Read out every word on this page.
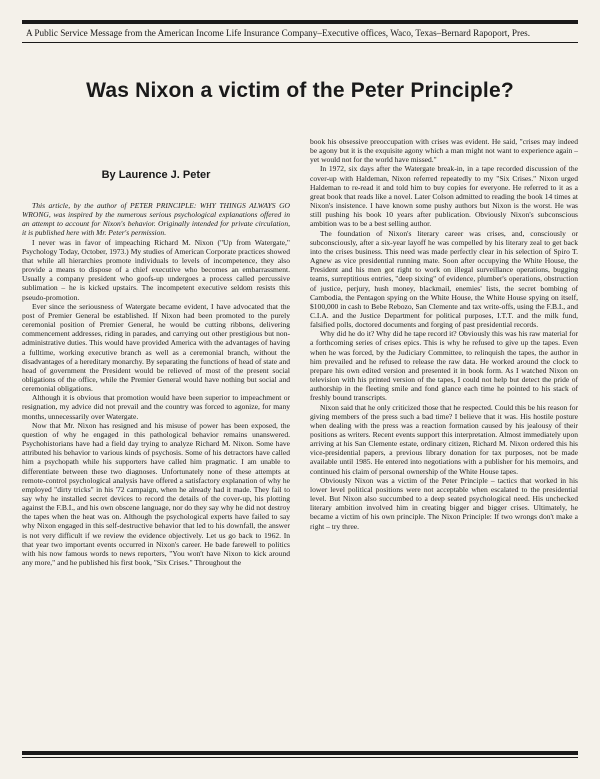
A Public Service Message from the American Income Life Insurance Company–Executive offices, Waco, Texas–Bernard Rapoport, Pres.
Was Nixon a victim of the Peter Principle?
By Laurence J. Peter

This article, by the author of PETER PRINCIPLE: WHY THINGS ALWAYS GO WRONG, was inspired by the numerous serious psychological explanations offered in an attempt to account for Nixon's behavior. Originally intended for private circulation, it is published here with Mr. Peter's permission.

I never was in favor of impeaching Richard M. Nixon ("Up from Watergate," Psychology Today, October, 1973.) My studies of American Corporate practices showed that while all hierarchies promote individuals to levels of incompetence, they also provide a means to dispose of a chief executive who becomes an embarrassment. Usually a company president who goofs-up undergoes a process called percussive sublimation – he is kicked upstairs. The incompetent executive seldom resists this pseudo-promotion.

Ever since the seriousness of Watergate became evident, I have advocated that the post of Premier General be established. If Nixon had been promoted to the purely ceremonial position of Premier General, he would be cutting ribbons, delivering commencement addresses, riding in parades, and carrying out other prestigious but non-administrative duties. This would have provided America with the advantages of having a fulltime, working executive branch as well as a ceremonial branch, without the disadvantages of a hereditary monarchy. By separating the functions of head of state and head of government the President would be relieved of most of the present social obligations of the office, while the Premier General would have nothing but social and ceremonial obligations.

Although it is obvious that promotion would have been superior to impeachment or resignation, my advice did not prevail and the country was forced to agonize, for many months, unnecessarily over Watergate.

Now that Mr. Nixon has resigned and his misuse of power has been exposed, the question of why he engaged in this pathological behavior remains unanswered. Psychohistorians have had a field day trying to analyze Richard M. Nixon. Some have attributed his behavior to various kinds of psychosis. Some of his detractors have called him a psychopath while his supporters have called him pragmatic. I am unable to differentiate between these two diagnoses. Unfortunately none of these attempts at remote-control psychological analysis have offered a satisfactory explanation of why he employed "dirty tricks" in his '72 campaign, when he already had it made. They fail to say why he installed secret devices to record the details of the cover-up, his plotting against the F.B.I., and his own obscene language, nor do they say why he did not destroy the tapes when the heat was on. Although the psychological experts have failed to say why Nixon engaged in this self-destructive behavior that led to his downfall, the answer is not very difficult if we review the evidence objectively. Let us go back to 1962. In that year two important events occurred in Nixon's career. He bade farewell to politics with his now famous words to news reporters, "You won't have Nixon to kick around any more," and he published his first book, "Six Crises." Throughout the

book his obsessive preoccupation with crises was evident. He said, "crises may indeed be agony but it is the exquisite agony which a man might not want to experience again – yet would not for the world have missed."

In 1972, six days after the Watergate break-in, in a tape recorded discussion of the cover-up with Haldeman, Nixon referred repeatedly to my "Six Crises." Nixon urged Haldeman to re-read it and told him to buy copies for everyone. He referred to it as a great book that reads like a novel. Later Colson admitted to reading the book 14 times at Nixon's insistence. I have known some pushy authors but Nixon is the worst. He was still pushing his book 10 years after publication. Obviously Nixon's subconscious ambition was to be a best selling author.

The foundation of Nixon's literary career was crises, and, consciously or subconsciously, after a six-year layoff he was compelled by his literary zeal to get back into the crises business. This need was made perfectly clear in his selection of Spiro T. Agnew as vice presidential running mate. Soon after occupying the White House, the President and his men got right to work on illegal surveillance operations, bugging teams, surreptitious entries, "deep sixing" of evidence, plumber's operations, obstruction of justice, perjury, hush money, blackmail, enemies' lists, the secret bombing of Cambodia, the Pentagon spying on the White House, the White House spying on itself, $100,000 in cash to Bebe Rebozo, San Clemente and tax write-offs, using the F.B.I., and C.I.A. and the Justice Department for political purposes, I.T.T. and the milk fund, falsified polls, doctored documents and forging of past presidential records.

Why did he do it? Why did he tape record it? Obviously this was his raw material for a forthcoming series of crises epics. This is why he refused to give up the tapes. Even when he was forced, by the Judiciary Committee, to relinquish the tapes, the author in him prevailed and he refused to release the raw data. He worked around the clock to prepare his own edited version and presented it in book form. As I watched Nixon on television with his printed version of the tapes, I could not help but detect the pride of authorship in the fleeting smile and fond glance each time he pointed to his stack of freshly bound transcripts.

Nixon said that he only criticized those that he respected. Could this be his reason for giving members of the press such a bad time? I believe that it was. His hostile posture when dealing with the press was a reaction formation caused by his jealousy of their positions as writers. Recent events support this interpretation. Almost immediately upon arriving at his San Clemente estate, ordinary citizen, Richard M. Nixon ordered this his vice-presidential papers, a previous library donation for tax purposes, not be made available until 1985. He entered into negotiations with a publisher for his memoirs, and continued his claim of personal ownership of the White House tapes.

Obviously Nixon was a victim of the Peter Principle – tactics that worked in his lower level political positions were not acceptable when escalated to the presidential level. But Nixon also succumbed to a deep seated psychological need. His unchecked literary ambition involved him in creating bigger and bigger crises. Ultimately, he became a victim of his own principle. The Nixon Principle: If two wrongs don't make a right – try three.
